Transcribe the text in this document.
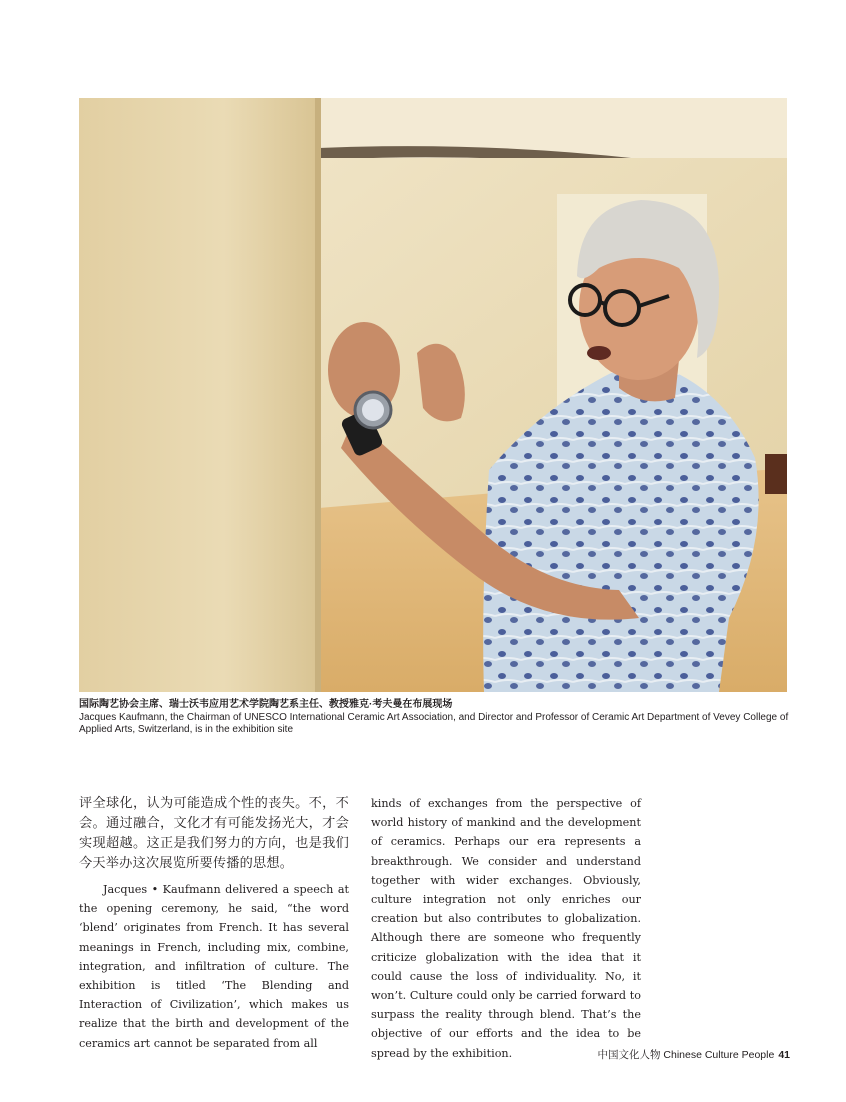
国际陶艺协会主席、瑞士沃韦应用艺术学院陶艺系主任、教授雅克·考夫曼在布展现场
Jacques Kaufmann, the Chairman of UNESCO International Ceramic Art Association, and Director and Professor of Ceramic Art Department of Vevey College of Applied Arts, Switzerland, is in the exhibition site

评全球化，认为可能造成个性的丧失。不，不会。通过融合，文化才有可能发扬光大，才会实现超越。这正是我们努力的方向，也是我们今天举办这次展览所要传播的思想。

Jacques • Kaufmann delivered a speech at the opening ceremony, he said, “the word ‘blend’ originates from French. It has several meanings in French, including mix, combine, integration, and infiltration of culture. The exhibition is titled ‘The Blending and Interaction of Civilization’, which makes us realize that the birth and development of the ceramics art cannot be separated from all

kinds of exchanges from the perspective of world history of mankind and the development of ceramics. Perhaps our era represents a breakthrough. We consider and understand together with wider exchanges. Obviously, culture integration not only enriches our creation but also contributes to globalization. Although there are someone who frequently criticize globalization with the idea that it could cause the loss of individuality. No, it won’t. Culture could only be carried forward to surpass the reality through blend. That’s the objective of our efforts and the idea to be spread by the exhibition.	中国文化人物 Chinese Culture People 41
